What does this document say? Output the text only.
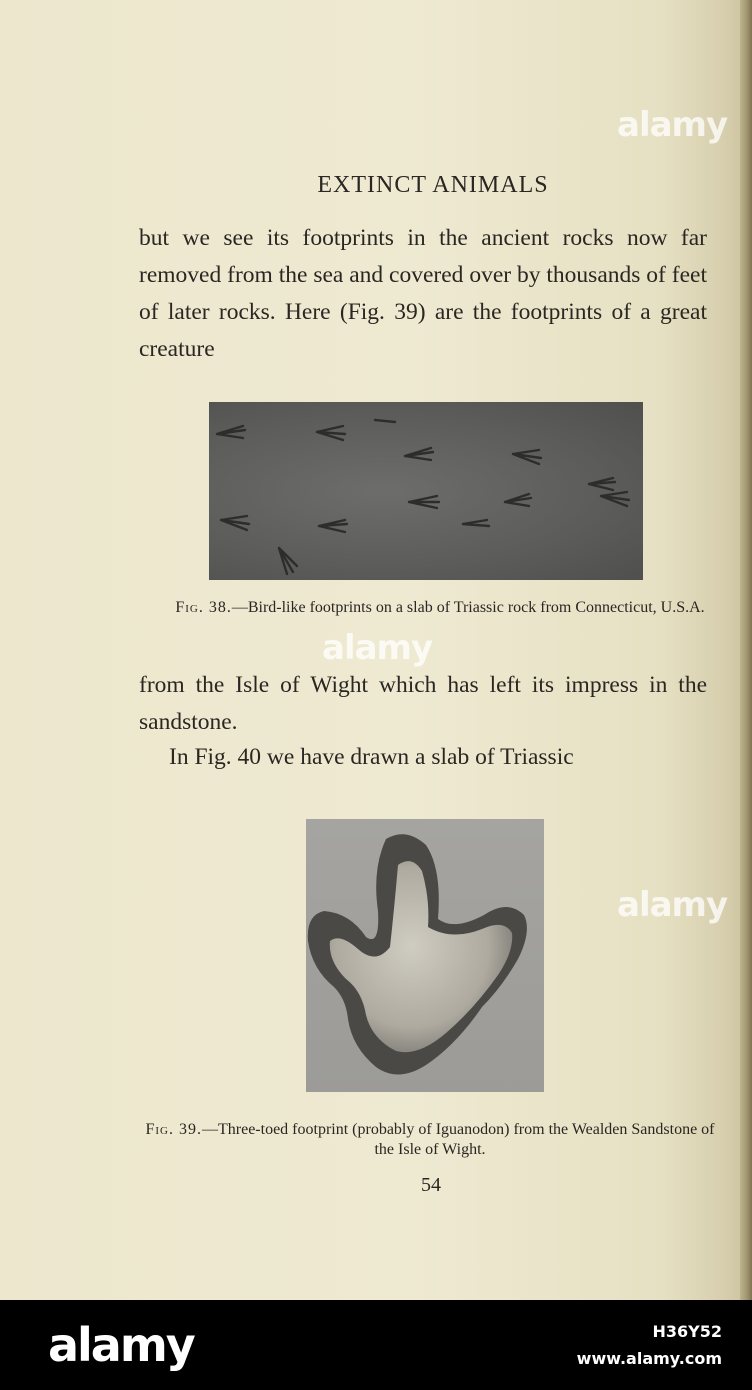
EXTINCT ANIMALS
but we see its footprints in the ancient rocks now far removed from the sea and covered over by thousands of feet of later rocks. Here (Fig. 39) are the footprints of a great creature
Fig. 38.—Bird-like footprints on a slab of Triassic rock from Connecticut, U.S.A.
from the Isle of Wight which has left its impress in the sandstone.
In Fig. 40 we have drawn a slab of Triassic
Fig. 39.—Three-toed footprint (probably of Iguanodon) from the Wealden Sandstone of the Isle of Wight.
54
alamy
alamy
alamy
alamy	H36Y52
www.alamy.com
